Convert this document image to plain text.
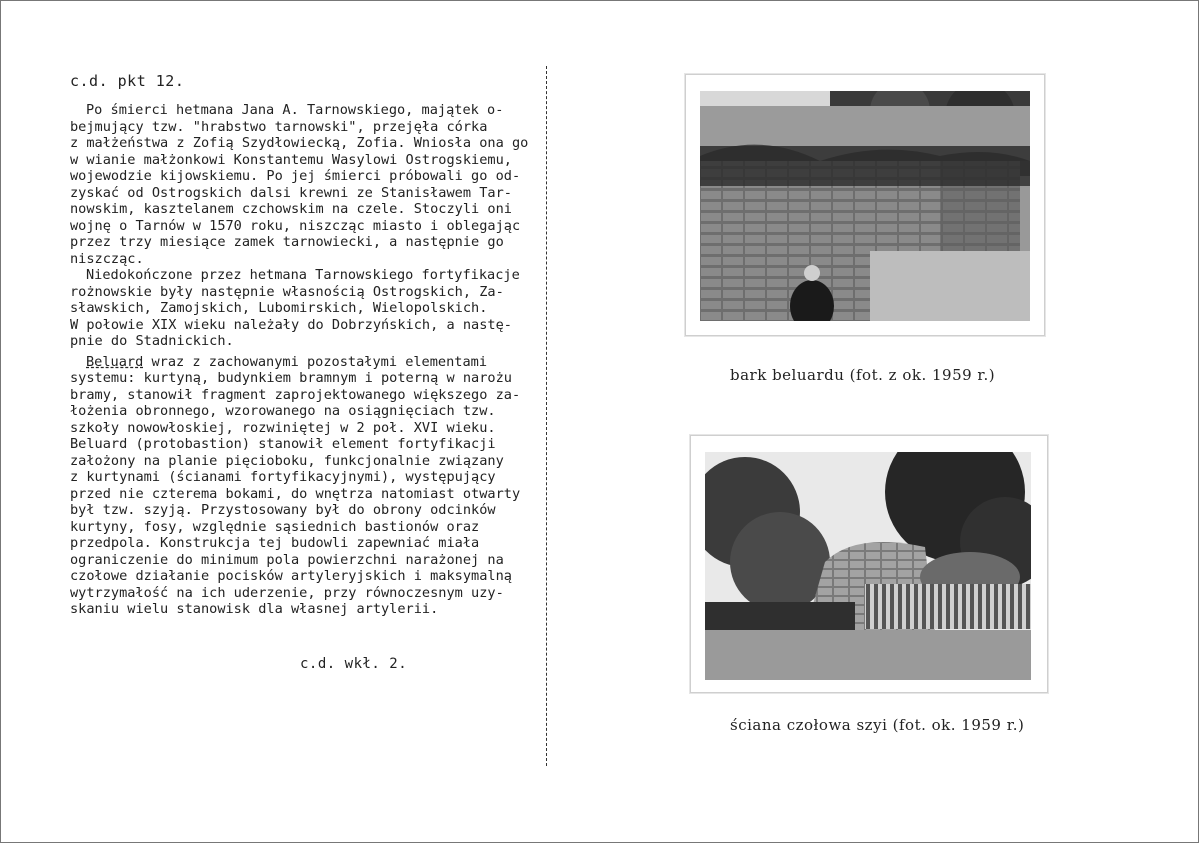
c.d. pkt 12.

Po śmierci hetmana Jana A. Tarnowskiego, majątek o-
bejmujący tzw. "hrabstwo tarnowski", przejęła córka
z małżeństwa z Zofią Szydłowiecką, Zofia. Wniosła ona go
w wianie małżonkowi Konstantemu Wasylowi Ostrogskiemu,
wojewodzie kijowskiemu. Po jej śmierci próbowali go od-
zyskać od Ostrogskich dalsi krewni ze Stanisławem Tar-
nowskim, kasztelanem czchowskim na czele. Stoczyli oni
wojnę o Tarnów w 1570 roku, niszcząc miasto i oblegając
przez trzy miesiące zamek tarnowiecki, a następnie go
niszcząc.

Niedokończone przez hetmana Tarnowskiego fortyfikacje
rożnowskie były następnie własnością Ostrogskich, Za-
sławskich, Zamojskich, Lubomirskich, Wielopolskich.
W połowie XIX wieku należały do Dobrzyńskich, a nastę-
pnie do Stadnickich.

Beluard wraz z zachowanymi pozostałymi elementami
systemu: kurtyną, budynkiem bramnym i poterną w narożu
bramy, stanowił fragment zaprojektowanego większego za-
łożenia obronnego, wzorowanego na osiągnięciach tzw.
szkoły nowowłoskiej, rozwiniętej w 2 poł. XVI wieku.
Beluard (protobastion) stanowił element fortyfikacji
założony na planie pięcioboku, funkcjonalnie związany
z kurtynami (ścianami fortyfikacyjnymi), występujący
przed nie czterema bokami, do wnętrza natomiast otwarty
był tzw. szyją. Przystosowany był do obrony odcinków
kurtyny, fosy, względnie sąsiednich bastionów oraz
przedpola. Konstrukcja tej budowli zapewniać miała
ograniczenie do minimum pola powierzchni narażonej na
czołowe działanie pocisków artyleryjskich i maksymalną
wytrzymałość na ich uderzenie, przy równoczesnym uzy-
skaniu wielu stanowisk dla własnej artylerii.

c.d. wkł. 2.
bark beluardu (fot. z ok. 1959 r.)
ściana czołowa szyi (fot. ok. 1959 r.)
